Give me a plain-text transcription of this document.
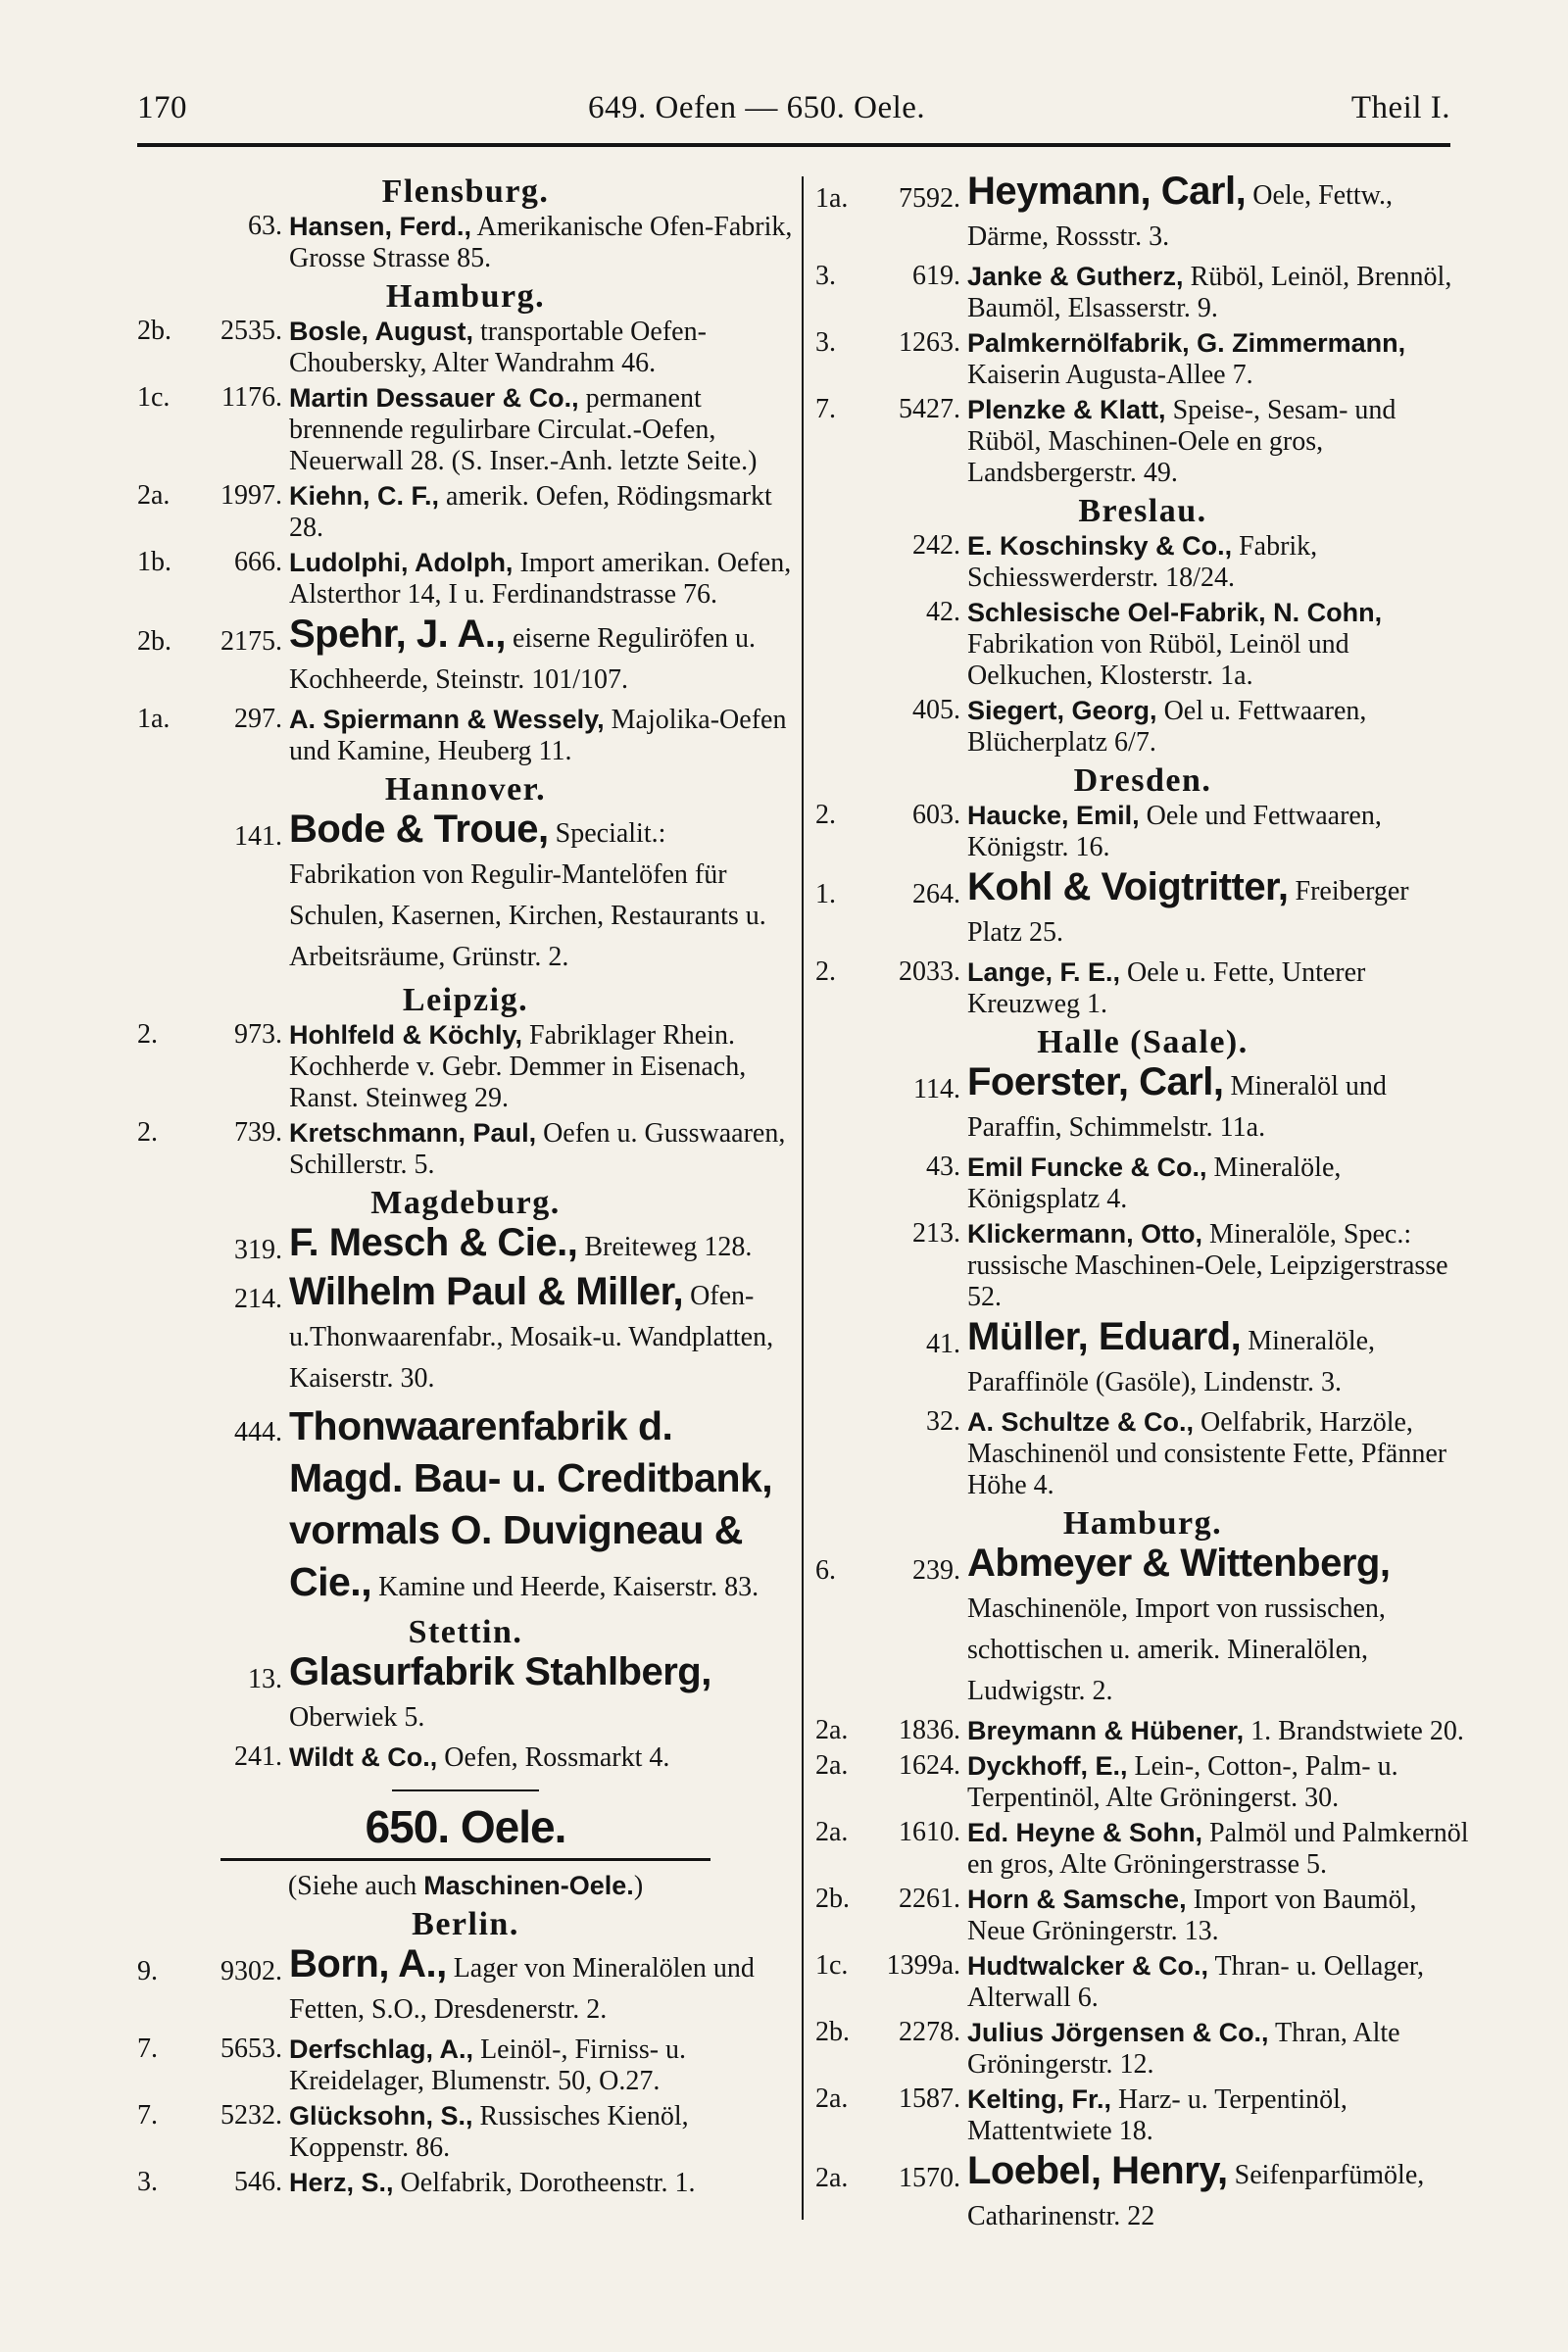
170	649. Oefen — 650. Oele.	Theil I.
Flensburg.
63. Hansen, Ferd., Amerikanische Ofen-Fabrik, Grosse Strasse 85.
Hamburg.
2b.	2535. Bosle, August, transportable Oefen-Choubersky, Alter Wandrahm 46.
1c.	1176. Martin Dessauer & Co., permanent brennende regulirbare Circulat.-Oefen, Neuerwall 28. (S. Inser.-Anh. letzte Seite.)
2a.	1997. Kiehn, C. F., amerik. Oefen, Rödingsmarkt 28.
1b.	666. Ludolphi, Adolph, Import amerikan. Oefen, Alsterthor 14, I u. Ferdinandstrasse 76.
2b.	2175. Spehr, J. A., eiserne Reguliröfen u. Kochheerde, Steinstr. 101/107.
1a.	297. A. Spiermann & Wessely, Majolika-Oefen und Kamine, Heuberg 11.
Hannover.
141. Bode & Troue, Specialit.: Fabrikation von Regulir-Mantelöfen für Schulen, Kasernen, Kirchen, Restaurants u. Arbeitsräume, Grünstr. 2.
Leipzig.
2.	973. Hohlfeld & Köchly, Fabriklager Rhein. Kochherde v. Gebr. Demmer in Eisenach, Ranst. Steinweg 29.
2.	739. Kretschmann, Paul, Oefen u. Gusswaaren, Schillerstr. 5.
Magdeburg.
319. F. Mesch & Cie., Breiteweg 128.
214. Wilhelm Paul & Miller, Ofen-u.Thonwaarenfabr., Mosaik-u. Wandplatten, Kaiserstr. 30.
444. Thonwaarenfabrik d. Magd. Bau- u. Creditbank, vormals O. Duvigneau & Cie., Kamine und Heerde, Kaiserstr. 83.
Stettin.
13. Glasurfabrik Stahlberg, Oberwiek 5.
241. Wildt & Co., Oefen, Rossmarkt 4.
650. Oele.
(Siehe auch Maschinen-Oele.)
Berlin.
9.	9302. Born, A., Lager von Mineralölen und Fetten, S.O., Dresdenerstr. 2.
7.	5653. Derfschlag, A., Leinöl-, Firniss- u. Kreidelager, Blumenstr. 50, O.27.
7.	5232. Glücksohn, S., Russisches Kienöl, Koppenstr. 86.
3.	546. Herz, S., Oelfabrik, Dorotheenstr. 1.
1a.	7592. Heymann, Carl, Oele, Fettw., Därme, Rossstr. 3.
3.	619. Janke & Gutherz, Rüböl, Leinöl, Brennöl, Baumöl, Elsasserstr. 9.
3.	1263. Palmkernölfabrik, G. Zimmermann, Kaiserin Augusta-Allee 7.
7.	5427. Plenzke & Klatt, Speise-, Sesam- und Rüböl, Maschinen-Oele en gros, Landsbergerstr. 49.
Breslau.
242. E. Koschinsky & Co., Fabrik, Schiesswerderstr. 18/24.
42. Schlesische Oel-Fabrik, N. Cohn, Fabrikation von Rüböl, Leinöl und Oelkuchen, Klosterstr. 1a.
405. Siegert, Georg, Oel u. Fettwaaren, Blücherplatz 6/7.
Dresden.
2.	603. Haucke, Emil, Oele und Fettwaaren, Königstr. 16.
1.	264. Kohl & Voigtritter, Freiberger Platz 25.
2.	2033. Lange, F. E., Oele u. Fette, Unterer Kreuzweg 1.
Halle (Saale).
114. Foerster, Carl, Mineralöl und Paraffin, Schimmelstr. 11a.
43. Emil Funcke & Co., Mineralöle, Königsplatz 4.
213. Klickermann, Otto, Mineralöle, Spec.: russische Maschinen-Oele, Leipzigerstrasse 52.
41. Müller, Eduard, Mineralöle, Paraffinöle (Gasöle), Lindenstr. 3.
32. A. Schultze & Co., Oelfabrik, Harzöle, Maschinenöl und consistente Fette, Pfänner Höhe 4.
Hamburg.
6.	239. Abmeyer & Wittenberg, Maschinenöle, Import von russischen, schottischen u. amerik. Mineralölen, Ludwigstr. 2.
2a.	1836. Breymann & Hübener, 1. Brandstwiete 20.
2a.	1624. Dyckhoff, E., Lein-, Cotton-, Palm- u. Terpentinöl, Alte Gröningerst. 30.
2a.	1610. Ed. Heyne & Sohn, Palmöl und Palmkernöl en gros, Alte Gröningerstrasse 5.
2b.	2261. Horn & Samsche, Import von Baumöl, Neue Gröningerstr. 13.
1c.	1399a. Hudtwalcker & Co., Thran- u. Oellager, Alterwall 6.
2b.	2278. Julius Jörgensen & Co., Thran, Alte Gröningerstr. 12.
2a.	1587. Kelting, Fr., Harz- u. Terpentinöl, Mattentwiete 18.
2a.	1570. Loebel, Henry, Seifenparfümöle, Catharinenstr. 22
